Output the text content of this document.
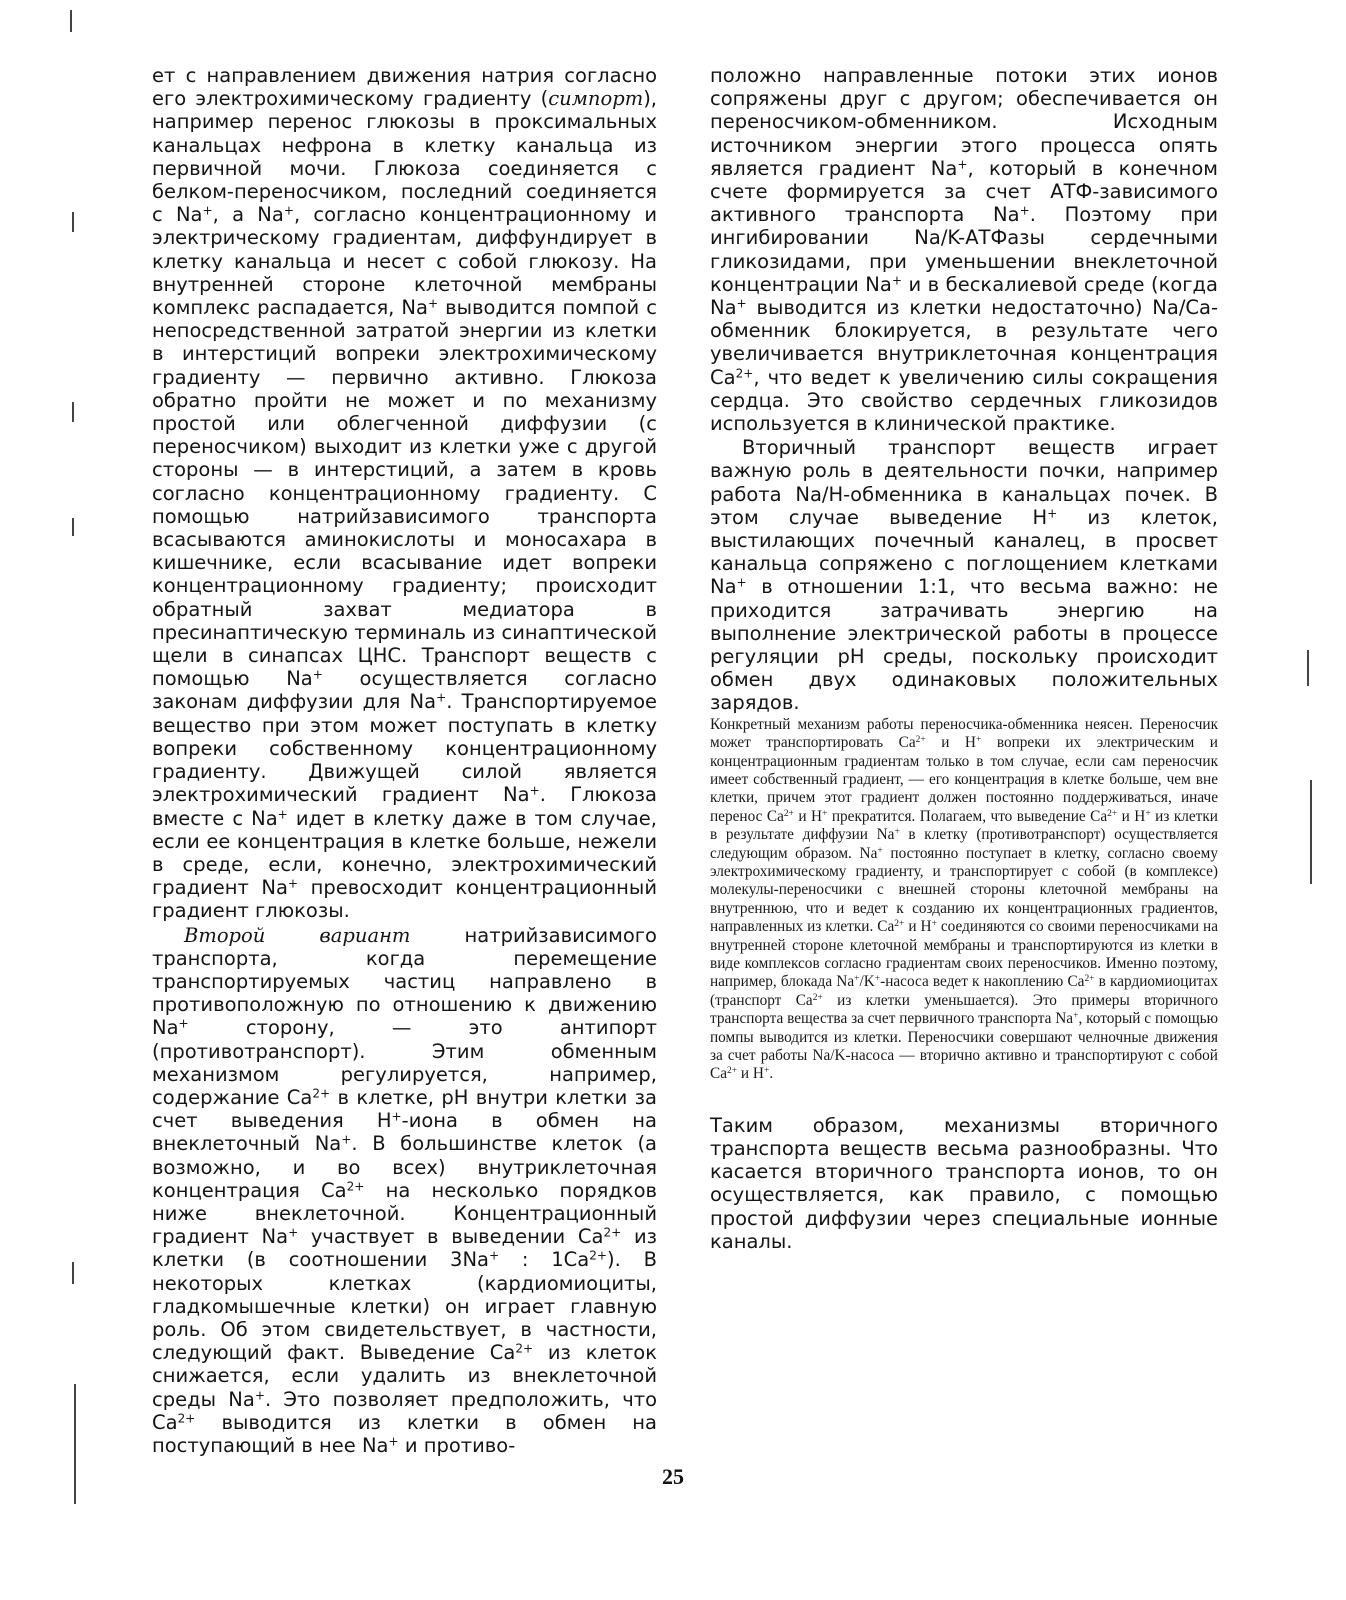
ет с направлением движения натрия согласно его электрохимическому градиенту (симпорт), например перенос глюкозы в проксимальных канальцах нефрона в клетку канальца из первичной мочи. Глюкоза соединяется с белком-переносчиком, последний соединяется с Na+, а Na+, согласно концентрационному и электрическому градиентам, диффундирует в клетку канальца и несет с собой глюкозу. На внутренней стороне клеточной мембраны комплекс распадается, Na+ выводится помпой с непосредственной затратой энергии из клетки в интерстиций вопреки электрохимическому градиенту — первично активно. Глюкоза обратно пройти не может и по механизму простой или облегченной диффузии (с переносчиком) выходит из клетки уже с другой стороны — в интерстиций, а затем в кровь согласно концентрационному градиенту. С помощью натрийзависимого транспорта всасываются аминокислоты и моносахара в кишечнике, если всасывание идет вопреки концентрационному градиенту; происходит обратный захват медиатора в пресинаптическую терминаль из синаптической щели в синапсах ЦНС. Транспорт веществ с помощью Na+ осуществляется согласно законам диффузии для Na+. Транспортируемое вещество при этом может поступать в клетку вопреки собственному концентрационному градиенту. Движущей силой является электрохимический градиент Na+. Глюкоза вместе с Na+ идет в клетку даже в том случае, если ее концентрация в клетке больше, нежели в среде, если, конечно, электрохимический градиент Na+ превосходит концентрационный градиент глюкозы.

Второй вариант натрийзависимого транспорта, когда перемещение транспортируемых частиц направлено в противоположную по отношению к движению Na+ сторону, — это антипорт (противотранспорт). Этим обменным механизмом регулируется, например, содержание $Ca^{2+}$ в клетке, pH внутри клетки за счет выведения H+-иона в обмен на внеклеточный Na+. В большинстве клеток (а возможно, и во всех) внутриклеточная концентрация $Ca^{2+}$ на несколько порядков ниже внеклеточной. Концентрационный градиент Na+ участвует в выведении $Ca^{2+}$ из клетки (в соотношении 3Na+ : $1Ca^{2+}$). В некоторых клетках (кардиомиоциты, гладкомышечные клетки) он играет главную роль. Об этом свидетельствует, в частности, следующий факт. Выведение $Ca^{2+}$ из клеток снижается, если удалить из внеклеточной среды Na+. Это позволяет предположить, что $Ca^{2+}$ выводится из клетки в обмен на поступающий в нее Na+ и противо-

положно направленные потоки этих ионов сопряжены друг с другом; обеспечивается он переносчиком-обменником. Исходным источником энергии этого процесса опять является градиент Na+, который в конечном счете формируется за счет АТФ-зависимого активного транспорта Na+. Поэтому при ингибировании Na/K-АТФазы сердечными гликозидами, при уменьшении внеклеточной концентрации Na+ и в бескалиевой среде (когда Na+ выводится из клетки недостаточно) Na/Ca-обменник блокируется, в результате чего увеличивается внутриклеточная концентрация $Ca^{2+}$, что ведет к увеличению силы сокращения сердца. Это свойство сердечных гликозидов используется в клинической практике.

Вторичный транспорт веществ играет важную роль в деятельности почки, например работа Na/H-обменника в канальцах почек. В этом случае выведение H+ из клеток, выстилающих почечный каналец, в просвет канальца сопряжено с поглощением клетками Na+ в отношении 1:1, что весьма важно: не приходится затрачивать энергию на выполнение электрической работы в процессе регуляции pH среды, поскольку происходит обмен двух одинаковых положительных зарядов.

Конкретный механизм работы переносчика-обменника неясен. Переносчик может транспортировать $Ca^{2+}$ и H+ вопреки их электрическим и концентрационным градиентам только в том случае, если сам переносчик имеет собственный градиент, — его концентрация в клетке больше, чем вне клетки, причем этот градиент должен постоянно поддерживаться, иначе перенос $Ca^{2+}$ и H+ прекратится. Полагаем, что выведение $Ca^{2+}$ и H+ из клетки в результате диффузии Na+ в клетку (противотранспорт) осуществляется следующим образом. Na+ постоянно поступает в клетку, согласно своему электрохимическому градиенту, и транспортирует с собой (в комплексе) молекулы-переносчики с внешней стороны клеточной мембраны на внутреннюю, что и ведет к созданию их концентрационных градиентов, направленных из клетки. $Ca^{2+}$ и H+ соединяются со своими переносчиками на внутренней стороне клеточной мембраны и транспортируются из клетки в виде комплексов согласно градиентам своих переносчиков. Именно поэтому, например, блокада Na+/K+-насоса ведет к накоплению $Ca^{2+}$ в кардиомиоцитах (транспорт $Ca^{2+}$ из клетки уменьшается). Это примеры вторичного транспорта вещества за счет первичного транспорта Na+, который с помощью помпы выводится из клетки. Переносчики совершают челночные движения за счет работы Na/K-насоса — вторично активно и транспортируют с собой $Ca^{2+}$ и H+.

Таким образом, механизмы вторичного транспорта веществ весьма разнообразны. Что касается вторичного транспорта ионов, то он осуществляется, как правило, с помощью простой диффузии через специальные ионные каналы.

25
